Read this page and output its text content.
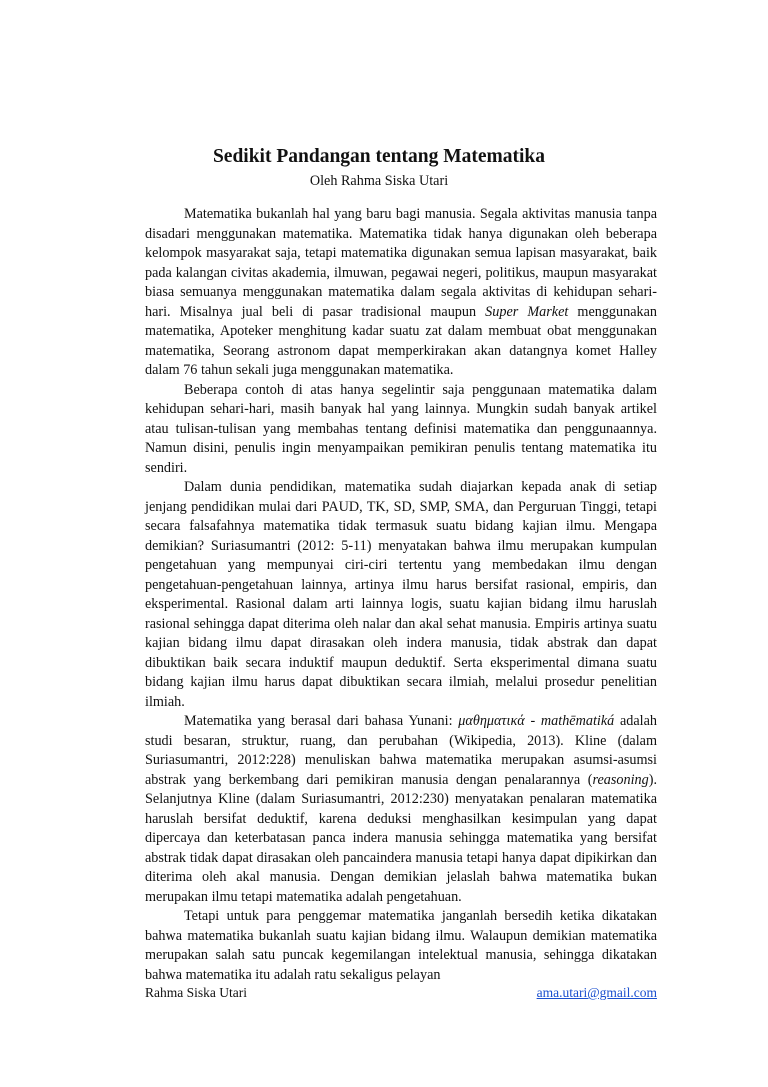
Sedikit Pandangan tentang Matematika
Oleh Rahma Siska Utari

Matematika bukanlah hal yang baru bagi manusia. Segala aktivitas manusia tanpa disadari menggunakan matematika. Matematika tidak hanya digunakan oleh beberapa kelompok masyarakat saja, tetapi matematika digunakan semua lapisan masyarakat, baik pada kalangan civitas akademia, ilmuwan, pegawai negeri, politikus, maupun masyarakat biasa semuanya menggunakan matematika dalam segala aktivitas di kehidupan sehari-hari. Misalnya jual beli di pasar tradisional maupun Super Market menggunakan matematika, Apoteker menghitung kadar suatu zat dalam membuat obat menggunakan matematika, Seorang astronom dapat memperkirakan akan datangnya komet Halley dalam 76 tahun sekali juga menggunakan matematika.

Beberapa contoh di atas hanya segelintir saja penggunaan matematika dalam kehidupan sehari-hari, masih banyak hal yang lainnya. Mungkin sudah banyak artikel atau tulisan-tulisan yang membahas tentang definisi matematika dan penggunaannya. Namun disini, penulis ingin menyampaikan pemikiran penulis tentang matematika itu sendiri.

Dalam dunia pendidikan, matematika sudah diajarkan kepada anak di setiap jenjang pendidikan mulai dari PAUD, TK, SD, SMP, SMA, dan Perguruan Tinggi, tetapi secara falsafahnya matematika tidak termasuk suatu bidang kajian ilmu. Mengapa demikian? Suriasumantri (2012: 5-11) menyatakan bahwa ilmu merupakan kumpulan pengetahuan yang mempunyai ciri-ciri tertentu yang membedakan ilmu dengan pengetahuan-pengetahuan lainnya, artinya ilmu harus bersifat rasional, empiris, dan eksperimental. Rasional dalam arti lainnya logis, suatu kajian bidang ilmu haruslah rasional sehingga dapat diterima oleh nalar dan akal sehat manusia. Empiris artinya suatu kajian bidang ilmu dapat dirasakan oleh indera manusia, tidak abstrak dan dapat dibuktikan baik secara induktif maupun deduktif. Serta eksperimental dimana suatu bidang kajian ilmu harus dapat dibuktikan secara ilmiah, melalui prosedur penelitian ilmiah.

Matematika yang berasal dari bahasa Yunani: μαθηματικά - mathēmatiká adalah studi besaran, struktur, ruang, dan perubahan (Wikipedia, 2013). Kline (dalam Suriasumantri, 2012:228) menuliskan bahwa matematika merupakan asumsi-asumsi abstrak yang berkembang dari pemikiran manusia dengan penalarannya (reasoning). Selanjutnya Kline (dalam Suriasumantri, 2012:230) menyatakan penalaran matematika haruslah bersifat deduktif, karena deduksi menghasilkan kesimpulan yang dapat dipercaya dan keterbatasan panca indera manusia sehingga matematika yang bersifat abstrak tidak dapat dirasakan oleh pancaindera manusia tetapi hanya dapat dipikirkan dan diterima oleh akal manusia. Dengan demikian jelaslah bahwa matematika bukan merupakan ilmu tetapi matematika adalah pengetahuan.

Tetapi untuk para penggemar matematika janganlah bersedih ketika dikatakan bahwa matematika bukanlah suatu kajian bidang ilmu. Walaupun demikian matematika merupakan salah satu puncak kegemilangan intelektual manusia, sehingga dikatakan bahwa matematika itu adalah ratu sekaligus pelayan

Rahma Siska Utari	ama.utari@gmail.com
